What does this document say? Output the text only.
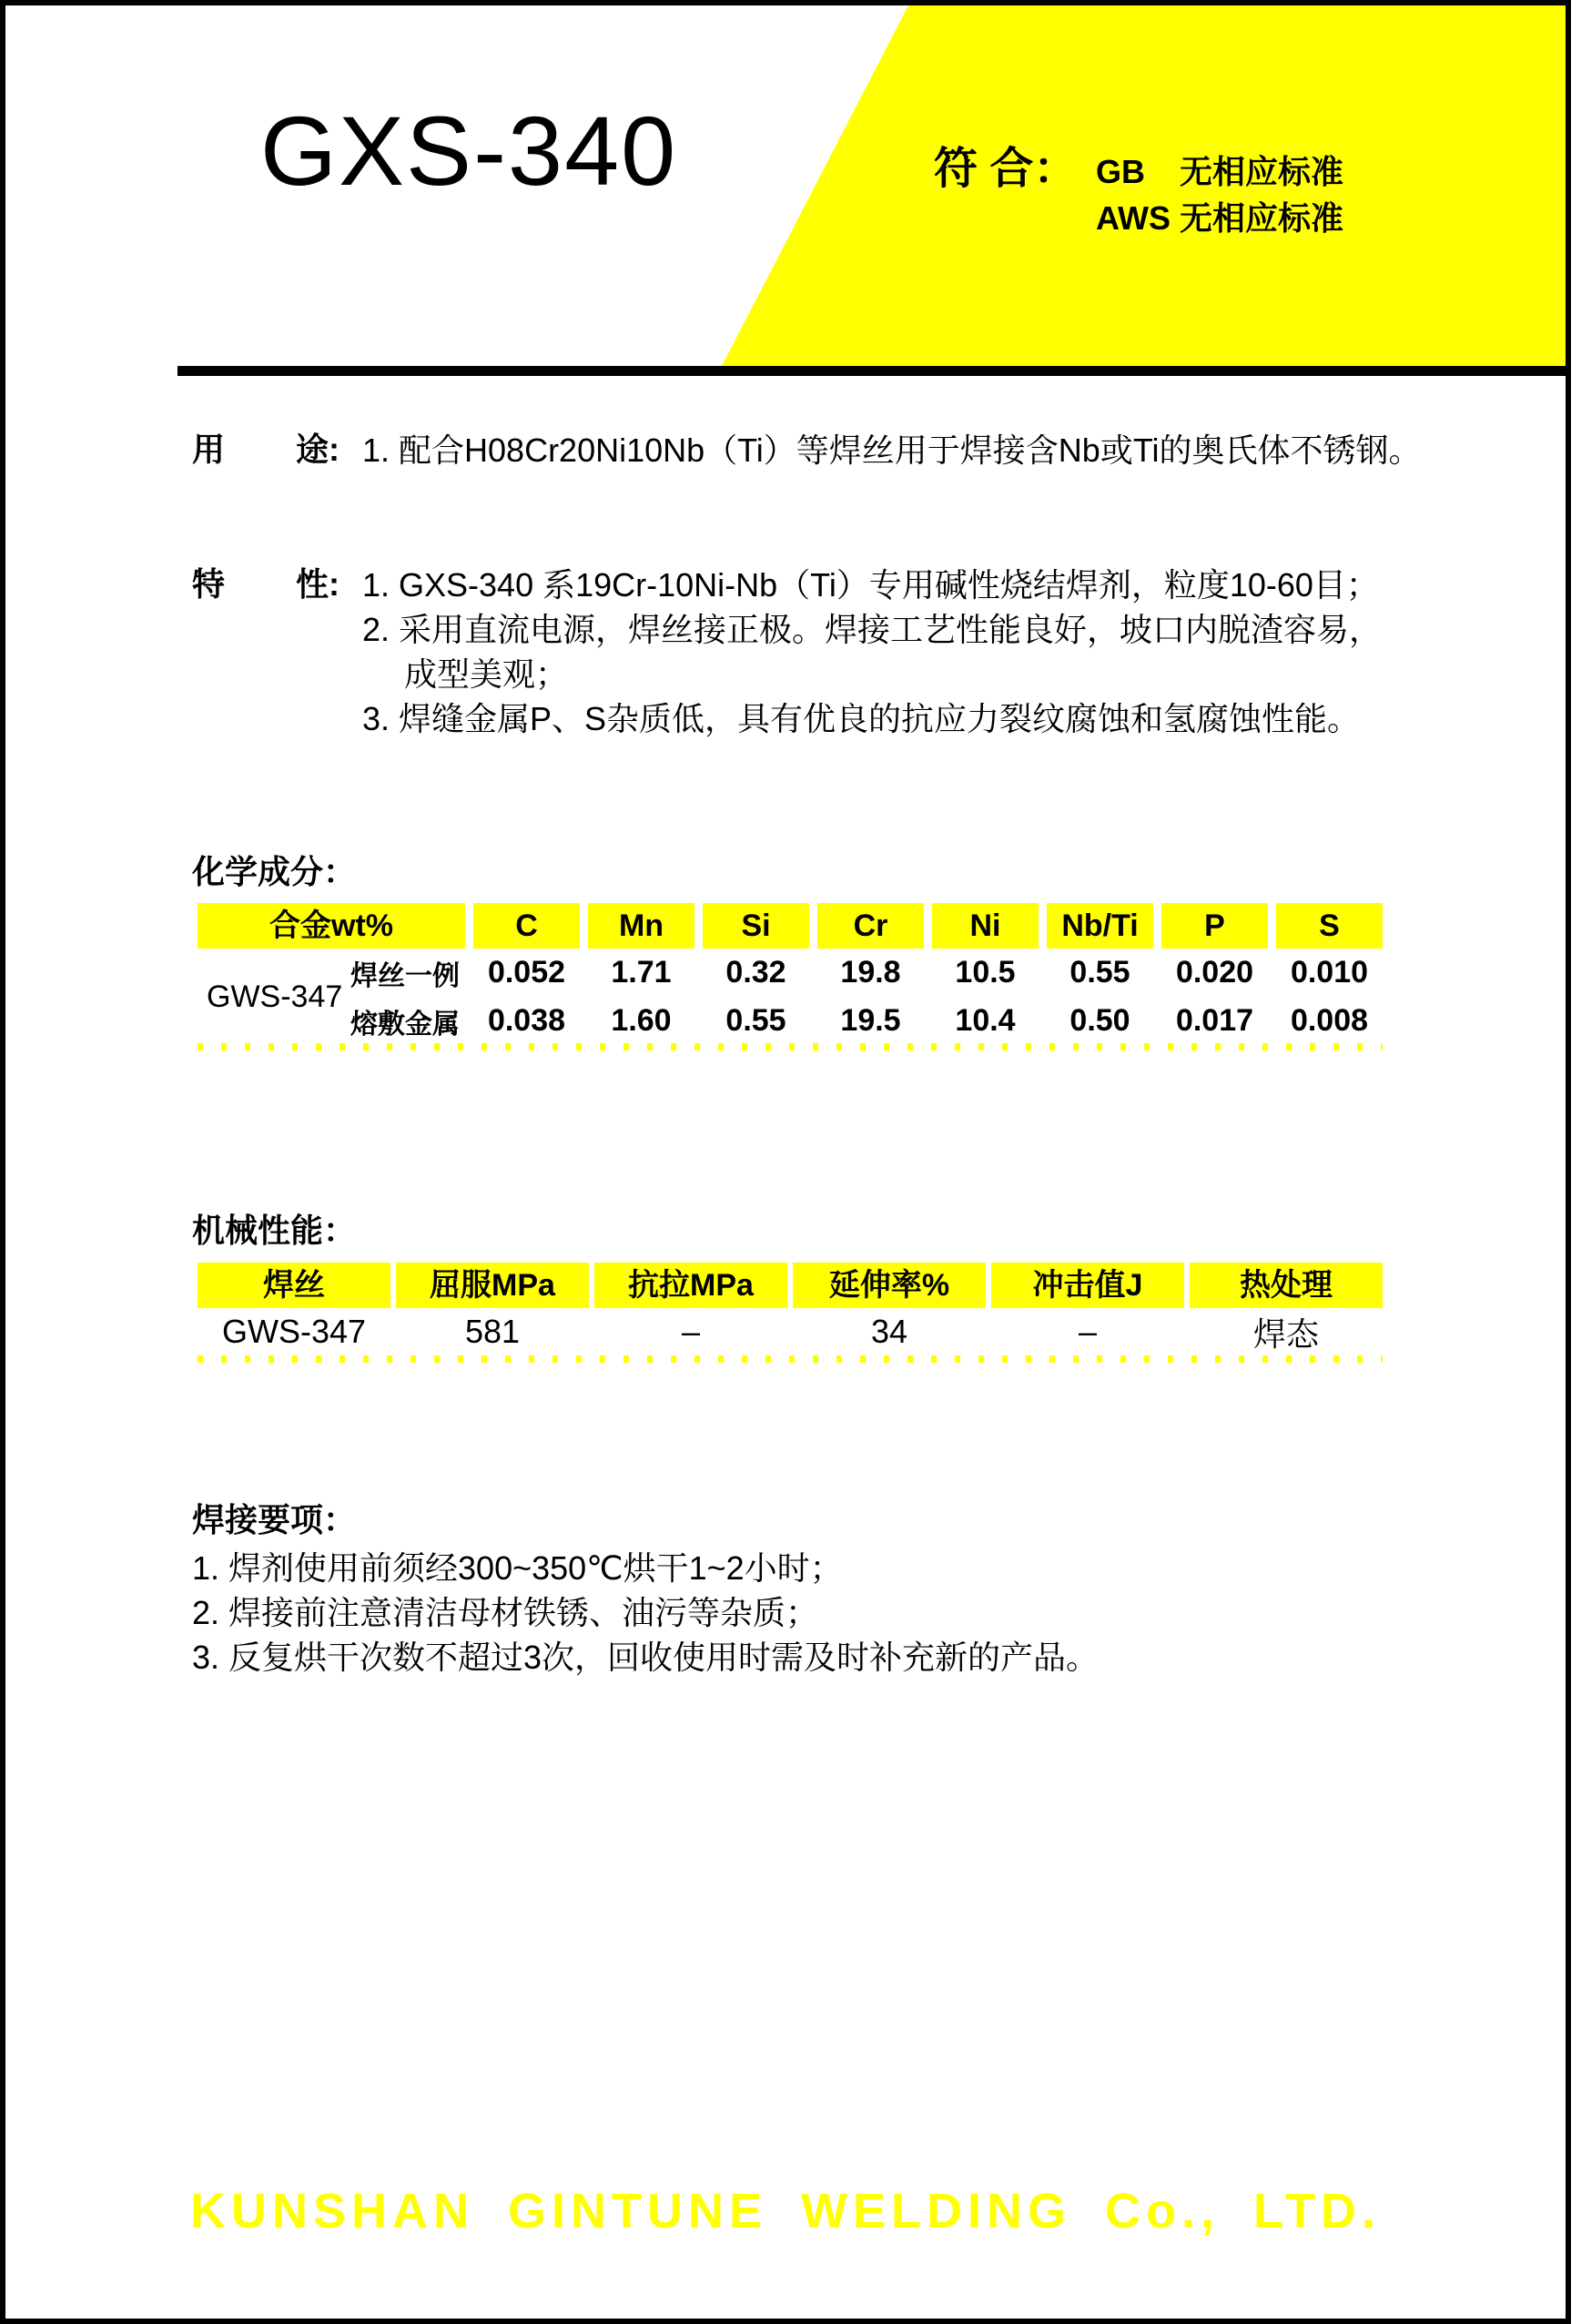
GXS-340	符 合： GB	无相应标准
AWS 无相应标准
用 途: 1. 配合H08Cr20Ni10Nb（Ti）等焊丝用于焊接含Nb或Ti的奥氏体不锈钢。
特 性: 1. GXS-340 系19Cr-10Ni-Nb（Ti）专用碱性烧结焊剂，粒度10-60目；
2. 采用直流电源，焊丝接正极。焊接工艺性能良好，坡口内脱渣容易，
成型美观；
3. 焊缝金属P、S杂质低，具有优良的抗应力裂纹腐蚀和氢腐蚀性能。
化学成分：
合金wt%	C	Mn	Si	Cr	Ni	Nb/Ti	P	S
GWS-347
焊丝一例 0.052	1.71	0.32	19.8	10.5	0.55	0.020	0.010
熔敷金属 0.038	1.60	0.55	19.5	10.4	0.50	0.017	0.008
机械性能：
焊丝	屈服MPa	抗拉MPa	延伸率%	冲击值J	热处理
GWS-347	581	–	34	–	焊态
焊接要项：
1. 焊剂使用前须经300~350℃烘干1~2小时；
2. 焊接前注意清洁母材铁锈、油污等杂质；
3. 反复烘干次数不超过3次，回收使用时需及时补充新的产品。
KUNSHAN GINTUNE WELDING Co., LTD.
